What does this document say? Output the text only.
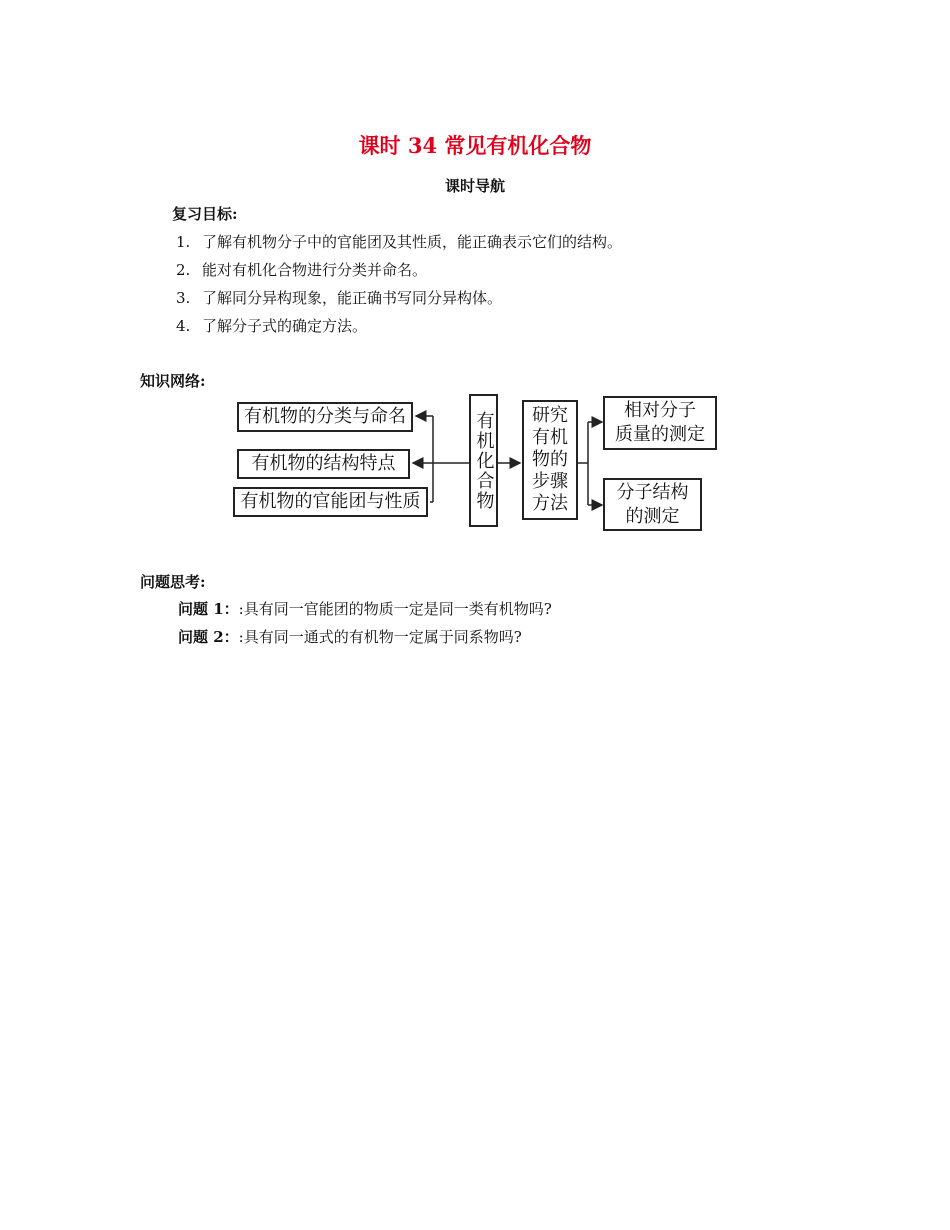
课时 34 常见有机化合物
课时导航
复习目标:
1. 了解有机物分子中的官能团及其性质，能正确表示它们的结构。
2. 能对有机化合物进行分类并命名。
3. 了解同分异构现象，能正确书写同分异构体。
4. 了解分子式的确定方法。
知识网络:
有机物的分类与命名
有机物的结构特点
有机物的官能团与性质	有机化合物 研究
有机
物的
步骤
方法
相对分子
质量的测定
分子结构
的测定
问题思考:
问题 1：:具有同一官能团的物质一定是同一类有机物吗?
问题 2：:具有同一通式的有机物一定属于同系物吗?
